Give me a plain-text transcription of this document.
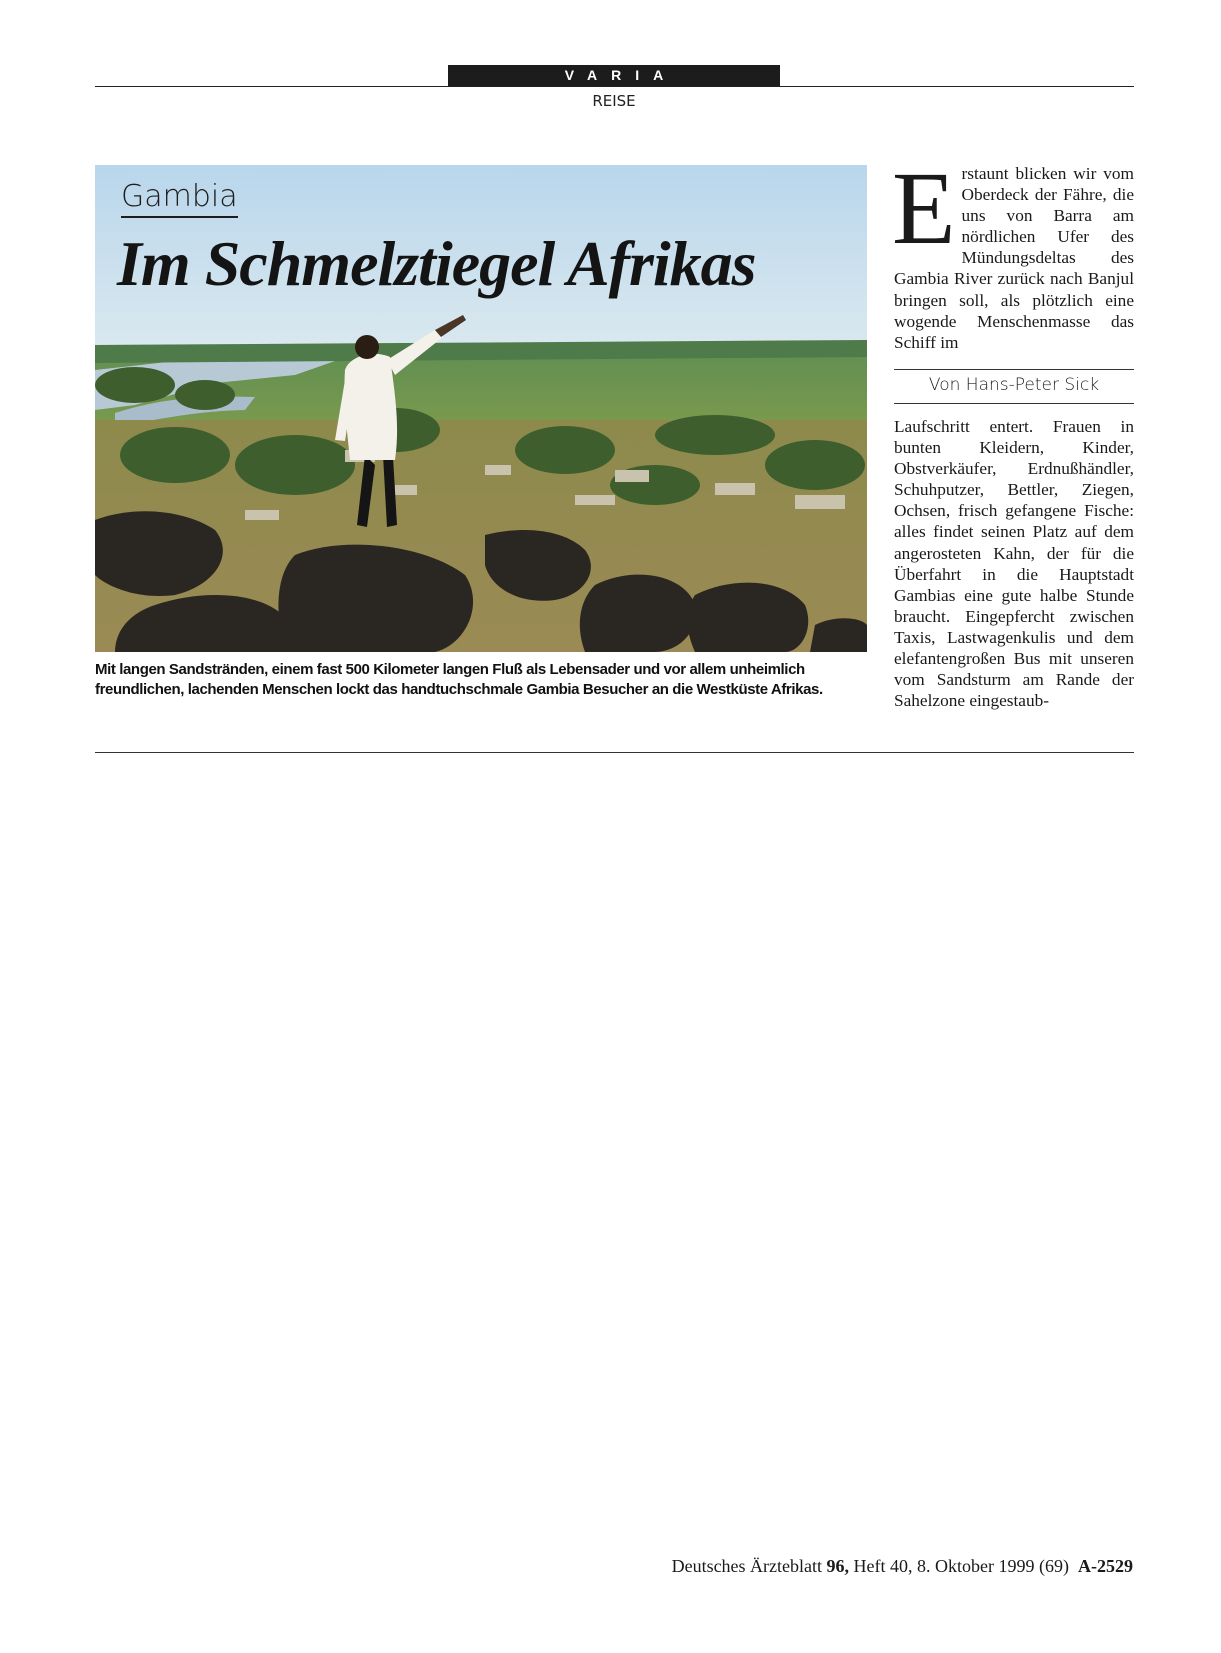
VARIA
REISE
Gambia
Im Schmelztiegel Afrikas
Mit langen Sandstränden, einem fast 500 Kilometer langen Fluß als Lebensader und vor allem unheimlich freundlichen, lachenden Menschen lockt das handtuchschmale Gambia Besucher an die Westküste Afrikas.
Erstaunt blicken wir vom Oberdeck der Fähre, die uns von Barra am nördlichen Ufer des Mündungsdeltas des Gambia River zurück nach Banjul bringen soll, als plötzlich eine wogende Menschenmasse das Schiff im
Von Hans-Peter Sick
Laufschritt entert. Frauen in bunten Kleidern, Kinder, Obstverkäufer, Erdnußhändler, Schuhputzer, Bettler, Ziegen, Ochsen, frisch gefangene Fische: alles findet seinen Platz auf dem angerosteten Kahn, der für die Überfahrt in die Hauptstadt Gambias eine gute halbe Stunde braucht. Eingepfercht zwischen Taxis, Lastwagenkulis und dem elefantengroßen Bus mit unseren vom Sandsturm am Rande der Sahelzone eingestaub-
Deutsches Ärzteblatt 96, Heft 40, 8. Oktober 1999 (69) A-2529
